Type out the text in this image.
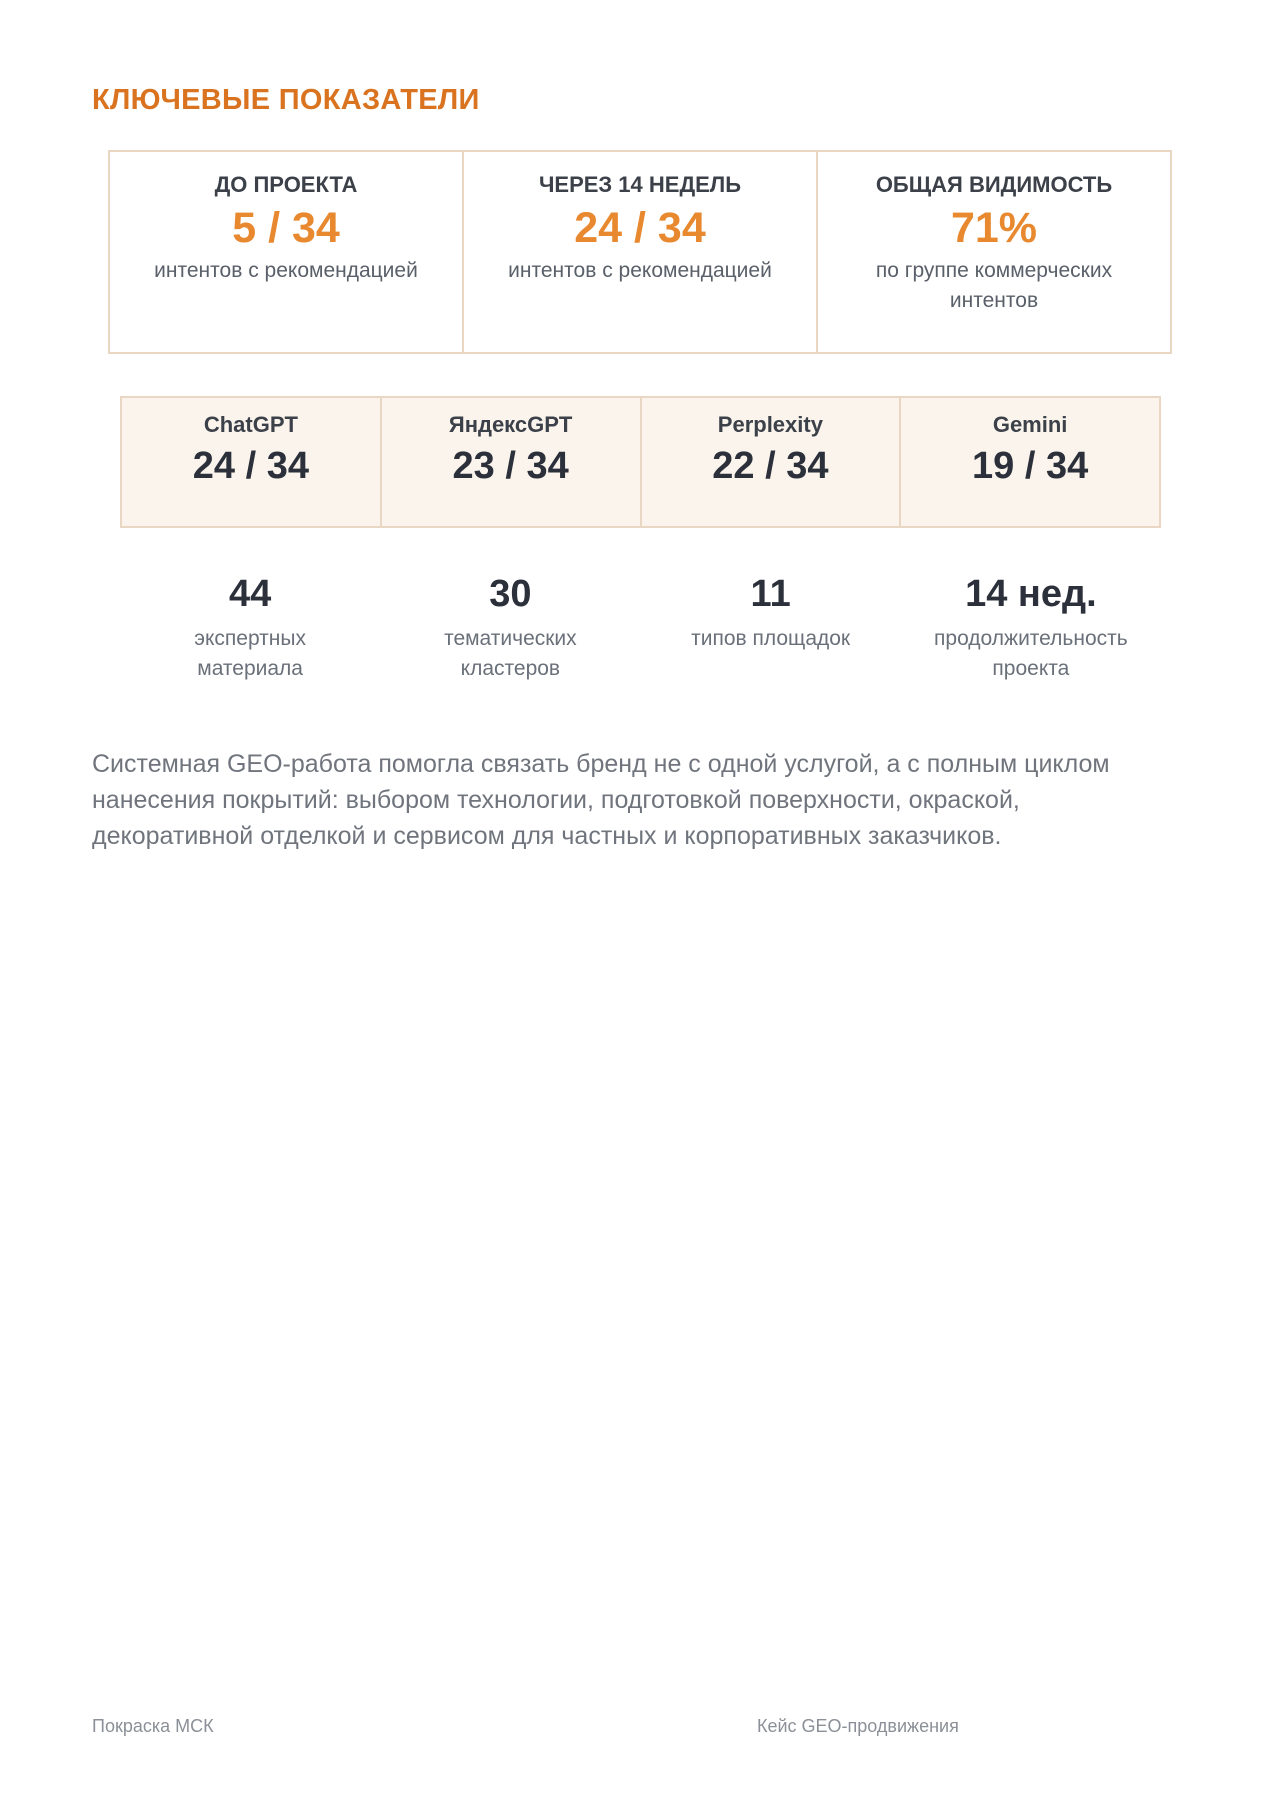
КЛЮЧЕВЫЕ ПОКАЗАТЕЛИ
ДО ПРОЕКТА
5 / 34
интентов с рекомендацией
ЧЕРЕЗ 14 НЕДЕЛЬ
24 / 34
интентов с рекомендацией
ОБЩАЯ ВИДИМОСТЬ
71%
по группе коммерческих интентов
ChatGPT
24 / 34
ЯндексGPT
23 / 34
Perplexity
22 / 34
Gemini
19 / 34
44
экспертных материала
30
тематических кластеров
11
типов площадок
14 нед.
продолжительность проекта

Системная GEO-работа помогла связать бренд не с одной услугой, а с полным циклом нанесения покрытий: выбором технологии, подготовкой поверхности, окраской, декоративной отделкой и сервисом для частных и корпоративных заказчиков.

Покраска МСК	Кейс GEO-продвижения
